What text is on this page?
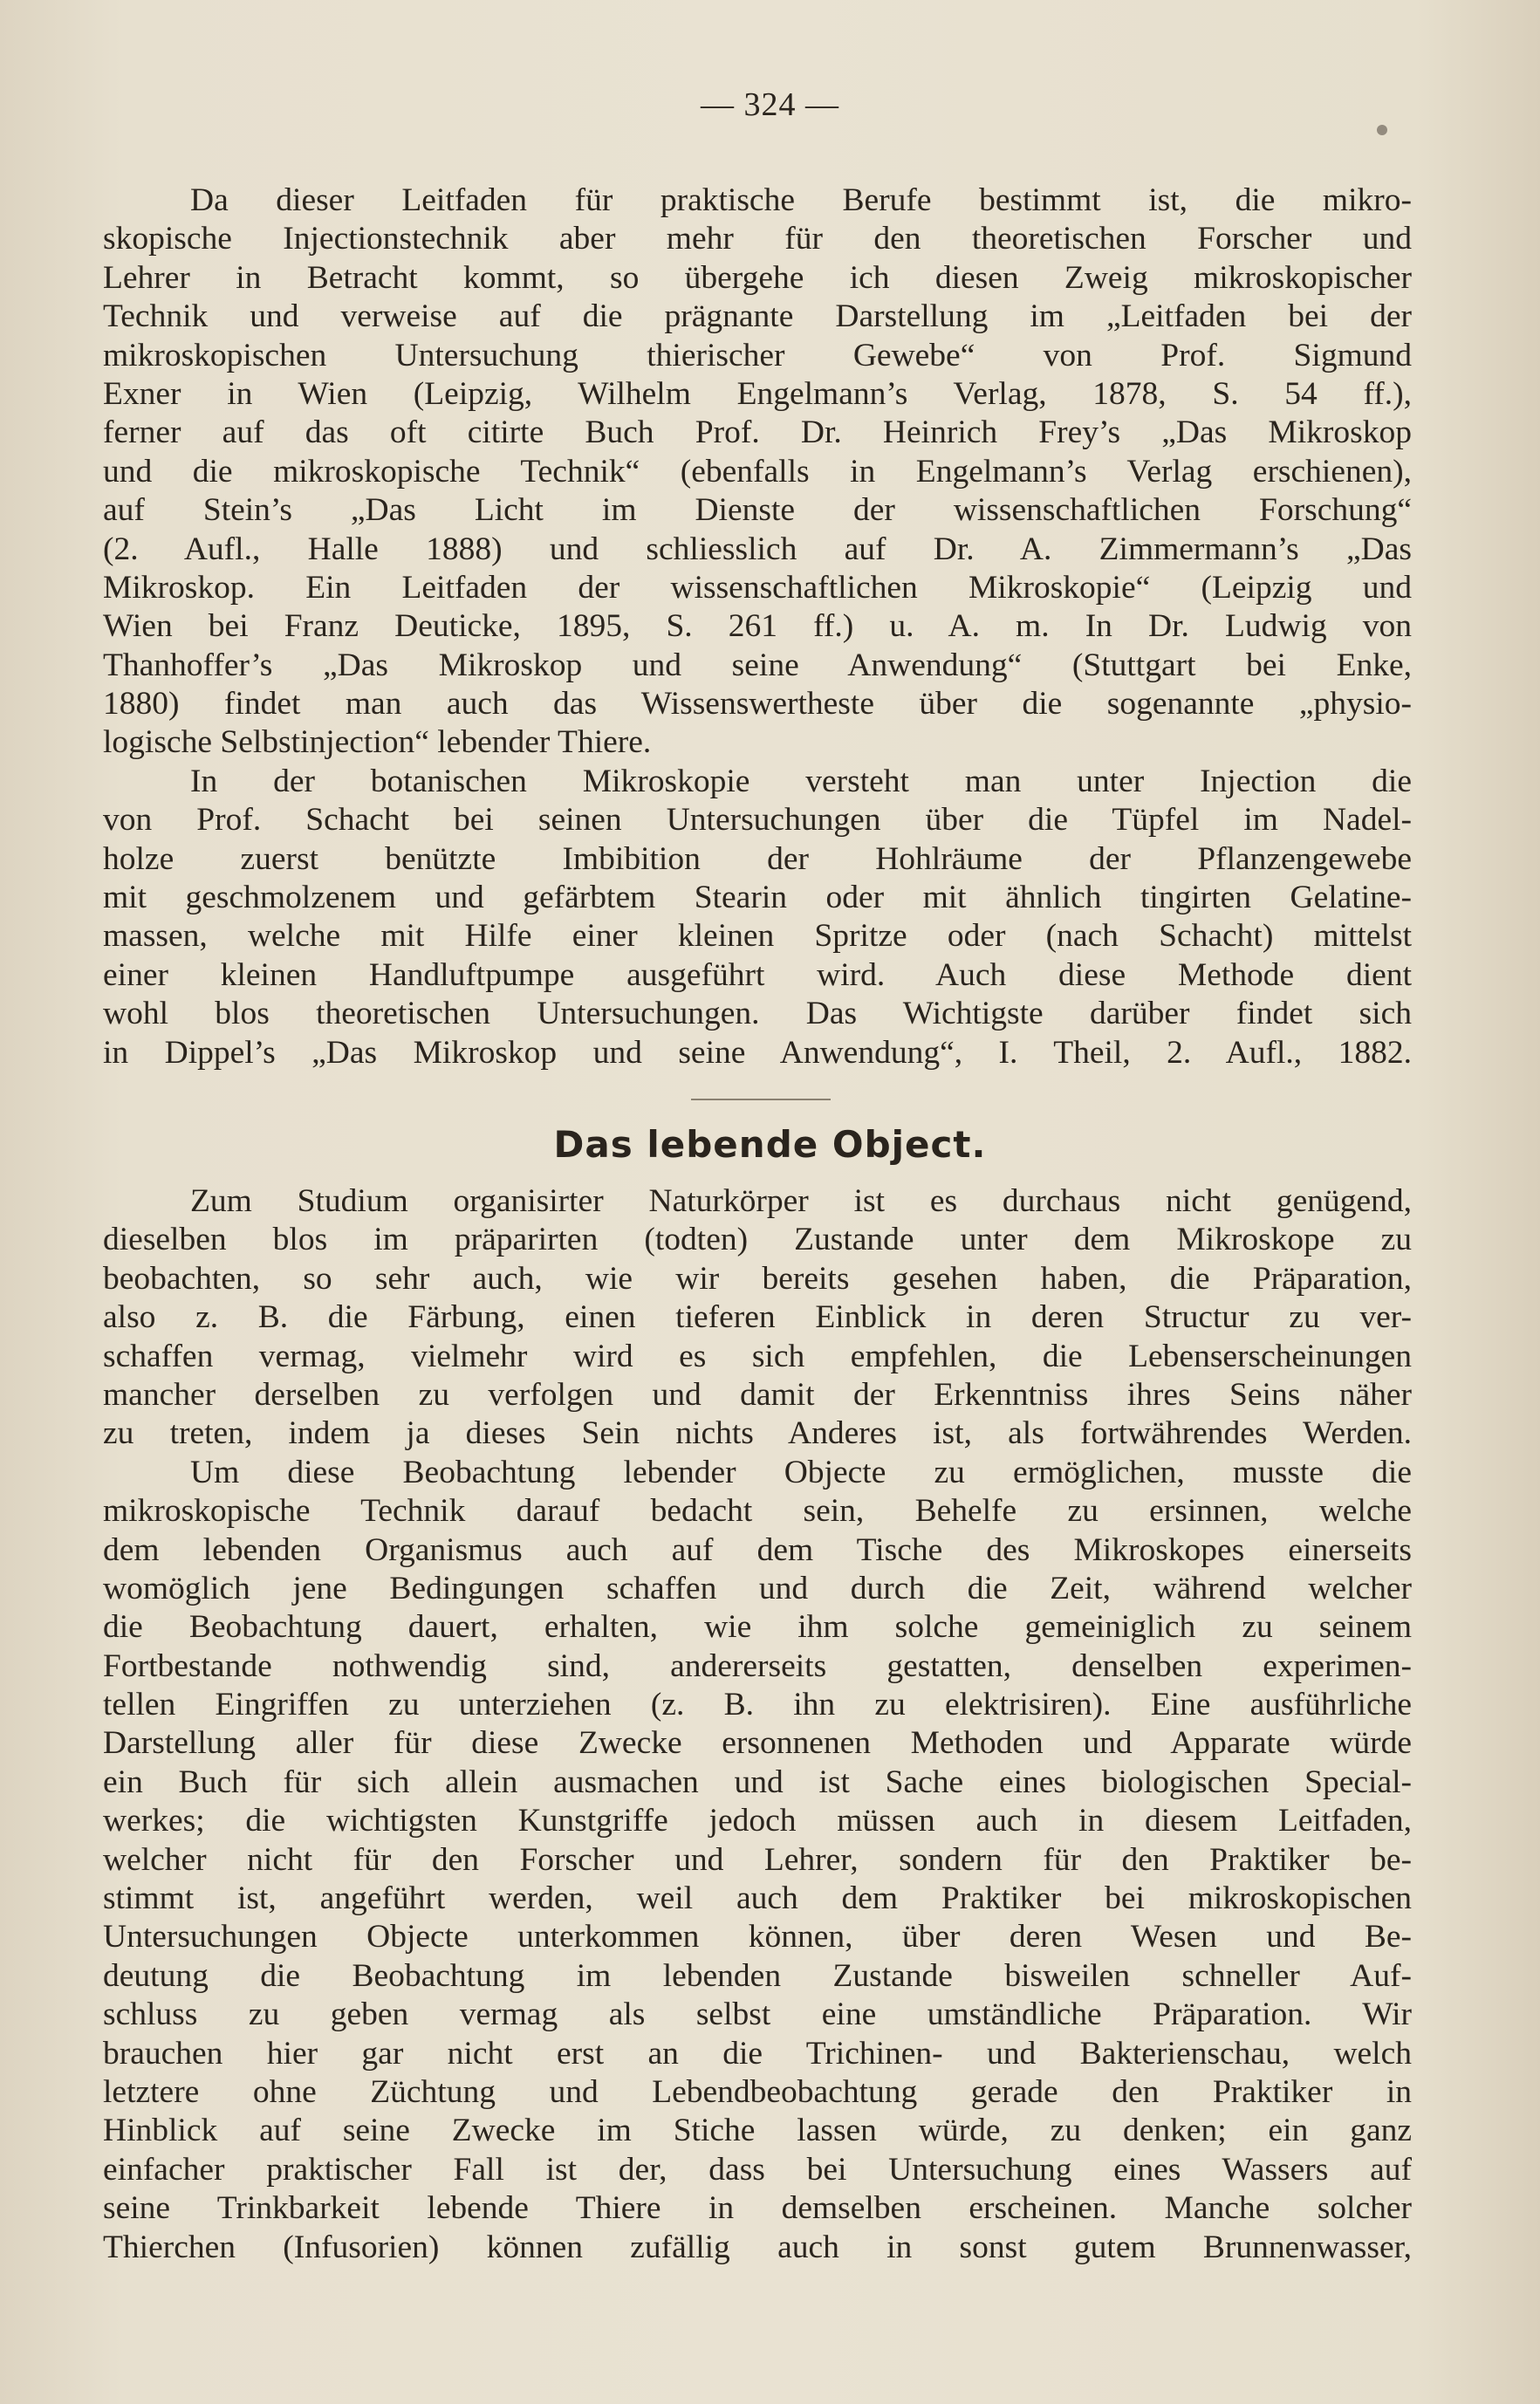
— 324 —
Da dieser Leitfaden für praktische Berufe bestimmt ist, die mikro-
skopische Injectionstechnik aber mehr für den theoretischen Forscher und
Lehrer in Betracht kommt, so übergehe ich diesen Zweig mikroskopischer
Technik und verweise auf die prägnante Darstellung im „Leitfaden bei der
mikroskopischen Untersuchung thierischer Gewebe“ von Prof. Sigmund
Exner in Wien (Leipzig, Wilhelm Engelmann’s Verlag, 1878, S. 54 ff.),
ferner auf das oft citirte Buch Prof. Dr. Heinrich Frey’s „Das Mikroskop
und die mikroskopische Technik“ (ebenfalls in Engelmann’s Verlag erschienen),
auf Stein’s „Das Licht im Dienste der wissenschaftlichen Forschung“
(2. Aufl., Halle 1888) und schliesslich auf Dr. A. Zimmermann’s „Das
Mikroskop. Ein Leitfaden der wissenschaftlichen Mikroskopie“ (Leipzig und
Wien bei Franz Deuticke, 1895, S. 261 ff.) u. A. m. In Dr. Ludwig von
Thanhoffer’s „Das Mikroskop und seine Anwendung“ (Stuttgart bei Enke,
1880) findet man auch das Wissenswertheste über die sogenannte „physio-
logische Selbstinjection“ lebender Thiere.
In der botanischen Mikroskopie versteht man unter Injection die
von Prof. Schacht bei seinen Untersuchungen über die Tüpfel im Nadel-
holze zuerst benützte Imbibition der Hohlräume der Pflanzengewebe
mit geschmolzenem und gefärbtem Stearin oder mit ähnlich tingirten Gelatine-
massen, welche mit Hilfe einer kleinen Spritze oder (nach Schacht) mittelst
einer kleinen Handluftpumpe ausgeführt wird. Auch diese Methode dient
wohl blos theoretischen Untersuchungen. Das Wichtigste darüber findet sich
in Dippel’s „Das Mikroskop und seine Anwendung“, I. Theil, 2. Aufl., 1882.
Das lebende Object.
Zum Studium organisirter Naturkörper ist es durchaus nicht genügend,
dieselben blos im präparirten (todten) Zustande unter dem Mikroskope zu
beobachten, so sehr auch, wie wir bereits gesehen haben, die Präparation,
also z. B. die Färbung, einen tieferen Einblick in deren Structur zu ver-
schaffen vermag, vielmehr wird es sich empfehlen, die Lebenserscheinungen
mancher derselben zu verfolgen und damit der Erkenntniss ihres Seins näher
zu treten, indem ja dieses Sein nichts Anderes ist, als fortwährendes Werden.
Um diese Beobachtung lebender Objecte zu ermöglichen, musste die
mikroskopische Technik darauf bedacht sein, Behelfe zu ersinnen, welche
dem lebenden Organismus auch auf dem Tische des Mikroskopes einerseits
womöglich jene Bedingungen schaffen und durch die Zeit, während welcher
die Beobachtung dauert, erhalten, wie ihm solche gemeiniglich zu seinem
Fortbestande nothwendig sind, andererseits gestatten, denselben experimen-
tellen Eingriffen zu unterziehen (z. B. ihn zu elektrisiren). Eine ausführliche
Darstellung aller für diese Zwecke ersonnenen Methoden und Apparate würde
ein Buch für sich allein ausmachen und ist Sache eines biologischen Special-
werkes; die wichtigsten Kunstgriffe jedoch müssen auch in diesem Leitfaden,
welcher nicht für den Forscher und Lehrer, sondern für den Praktiker be-
stimmt ist, angeführt werden, weil auch dem Praktiker bei mikroskopischen
Untersuchungen Objecte unterkommen können, über deren Wesen und Be-
deutung die Beobachtung im lebenden Zustande bisweilen schneller Auf-
schluss zu geben vermag als selbst eine umständliche Präparation. Wir
brauchen hier gar nicht erst an die Trichinen- und Bakterienschau, welch
letztere ohne Züchtung und Lebendbeobachtung gerade den Praktiker in
Hinblick auf seine Zwecke im Stiche lassen würde, zu denken; ein ganz
einfacher praktischer Fall ist der, dass bei Untersuchung eines Wassers auf
seine Trinkbarkeit lebende Thiere in demselben erscheinen. Manche solcher
Thierchen (Infusorien) können zufällig auch in sonst gutem Brunnenwasser,
